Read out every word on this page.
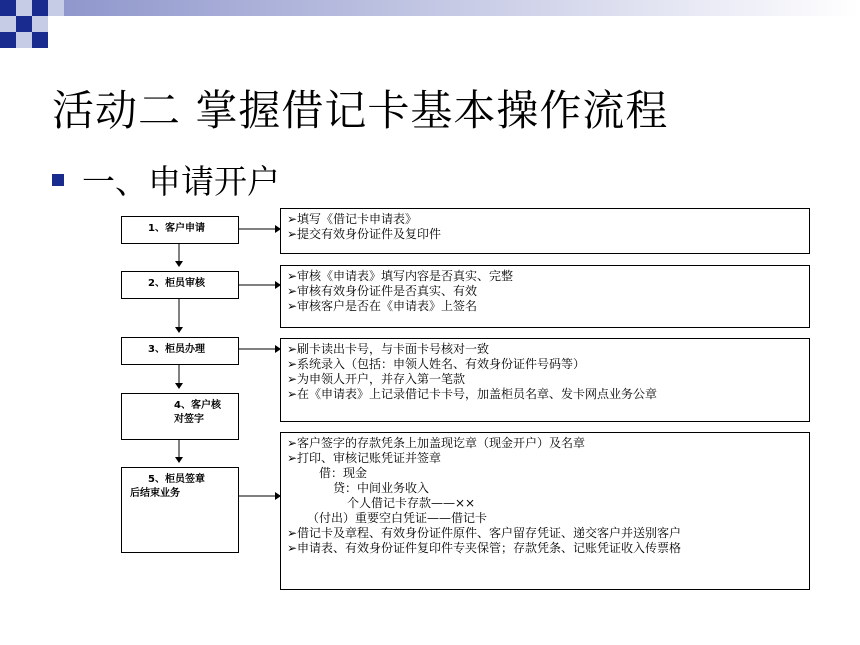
活动二 掌握借记卡基本操作流程
一、申请开户
1、客户申请
2、柜员审核
3、柜员办理
4、客户核
对签字
5、柜员签章
后结束业务
➢填写《借记卡申请表》
➢提交有效身份证件及复印件
➢审核《申请表》填写内容是否真实、完整
➢审核有效身份证件是否真实、有效
➢审核客户是否在《申请表》上签名
➢刷卡读出卡号，与卡面卡号核对一致
➢系统录入（包括：申领人姓名、有效身份证件号码等）
➢为申领人开户，并存入第一笔款
➢在《申请表》上记录借记卡卡号，加盖柜员名章、发卡网点业务公章
➢客户签字的存款凭条上加盖现讫章（现金开户）及名章
➢打印、审核记账凭证并签章
借：现金
贷：中间业务收入
个人借记卡存款——××
（付出）重要空白凭证——借记卡
➢借记卡及章程、有效身份证件原件、客户留存凭证、递交客户并送别客户
➢申请表、有效身份证件复印件专夹保管；存款凭条、记账凭证收入传票格
